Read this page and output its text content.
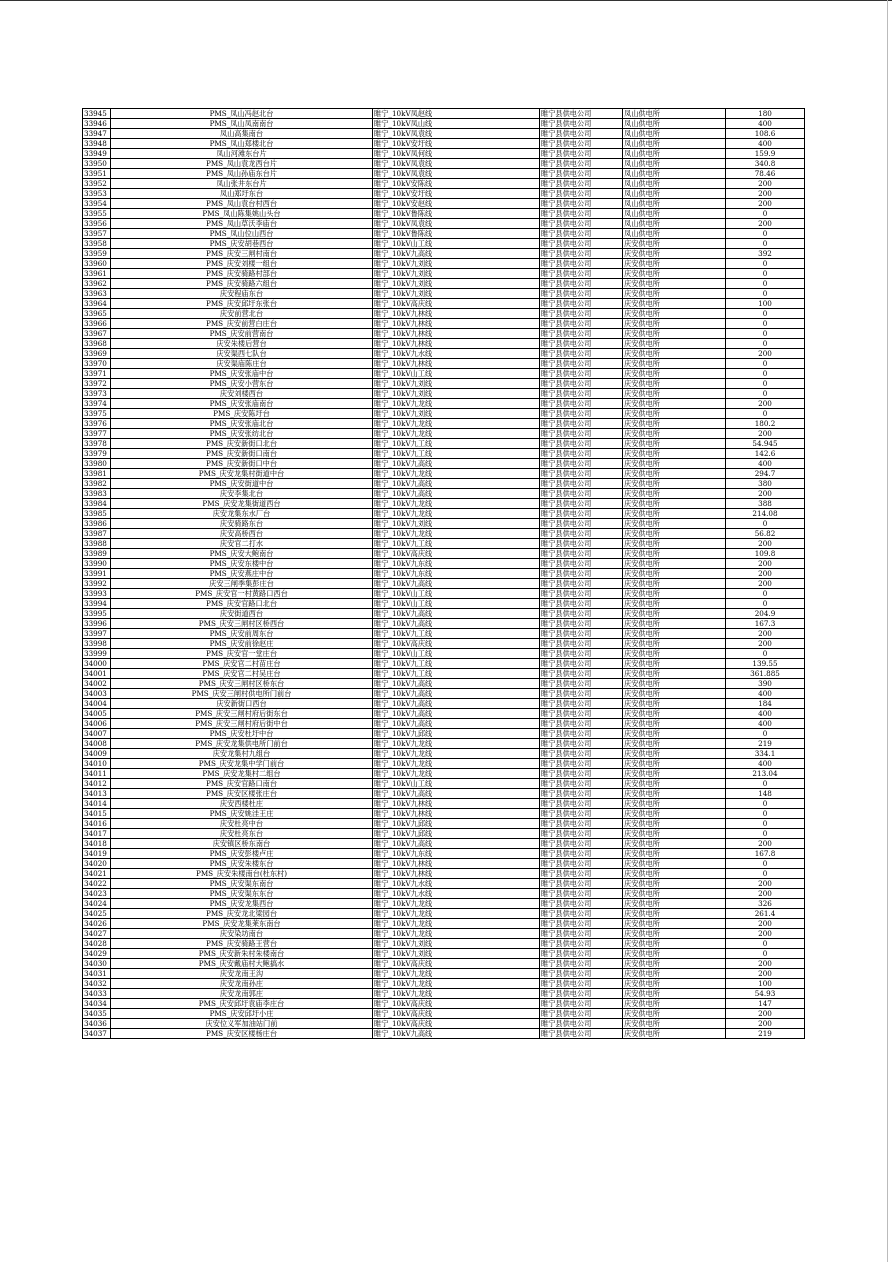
33945	PMS_凤山冯赵北台	睢宁_10kV凤赵线	睢宁县供电公司	凤山供电所	180
33946	PMS_凤山凤南南台	睢宁_10kV凤山线	睢宁县供电公司	凤山供电所	400
33947	凤山高集南台	睢宁_10kV凤袁线	睢宁县供电公司	凤山供电所	108.6
33948	PMS_凤山郑楼北台	睢宁_10kV安圩线	睢宁县供电公司	凤山供电所	400
33949	凤山河滩东台片	睢宁_10kV凤何线	睢宁县供电公司	凤山供电所	159.9
33950	PMS_凤山袁龙西台片	睢宁_10kV凤袁线	睢宁县供电公司	凤山供电所	340.8
33951	PMS_凤山孙庙东台片	睢宁_10kV凤袁线	睢宁县供电公司	凤山供电所	78.46
33952	凤山张井东台片	睢宁_10kV安陈线	睢宁县供电公司	凤山供电所	200
33953	凤山郑圩东台	睢宁_10kV安圩线	睢宁县供电公司	凤山供电所	200
33954	PMS_凤山袁台村西台	睢宁_10kV安赵线	睢宁县供电公司	凤山供电所	200
33955	PMS_凤山陈集姚山头台	睢宁_10kV鲁陈线	睢宁县供电公司	凤山供电所	0
33956	PMS_凤山草沃李庙台	睢宁_10kV凤袁线	睢宁县供电公司	凤山供电所	200
33957	PMS_凤山位山西台	睢宁_10kV鲁陈线	睢宁县供电公司	凤山供电所	0
33958	PMS_庆安胡巷西台	睢宁_10kV山工线	睢宁县供电公司	庆安供电所	0
33959	PMS_庆安三闸村南台	睢宁_10kV九高线	睢宁县供电公司	庆安供电所	392
33960	PMS_庆安刘楼一组台	睢宁_10kV九刘线	睢宁县供电公司	庆安供电所	0
33961	PMS_庆安骑路村部台	睢宁_10kV九刘线	睢宁县供电公司	庆安供电所	0
33962	PMS_庆安骑路六组台	睢宁_10kV九刘线	睢宁县供电公司	庆安供电所	0
33963	庆安程庙东台	睢宁_10kV九刘线	睢宁县供电公司	庆安供电所	0
33964	PMS_庆安邱圩东张台	睢宁_10kV高庆线	睢宁县供电公司	庆安供电所	100
33965	庆安前营北台	睢宁_10kV九林线	睢宁县供电公司	庆安供电所	0
33966	PMS_庆安前营白庄台	睢宁_10kV九林线	睢宁县供电公司	庆安供电所	0
33967	PMS_庆安前营南台	睢宁_10kV九林线	睢宁县供电公司	庆安供电所	0
33968	庆安朱楼后营台	睢宁_10kV九林线	睢宁县供电公司	庆安供电所	0
33969	庆安渠西七队台	睢宁_10kV九水线	睢宁县供电公司	庆安供电所	200
33970	庆安渠庙陈庄台	睢宁_10kV九林线	睢宁县供电公司	庆安供电所	0
33971	PMS_庆安张庙中台	睢宁_10kV山工线	睢宁县供电公司	庆安供电所	0
33972	PMS_庆安小营东台	睢宁_10kV九刘线	睢宁县供电公司	庆安供电所	0
33973	庆安刘楼西台	睢宁_10kV九刘线	睢宁县供电公司	庆安供电所	0
33974	PMS_庆安张庙南台	睢宁_10kV九龙线	睢宁县供电公司	庆安供电所	200
33975	PMS_庆安陈圩台	睢宁_10kV九刘线	睢宁县供电公司	庆安供电所	0
33976	PMS_庆安张庙北台	睢宁_10kV九龙线	睢宁县供电公司	庆安供电所	180.2
33977	PMS_庆安张纺北台	睢宁_10kV九龙线	睢宁县供电公司	庆安供电所	200
33978	PMS_庆安新街口北台	睢宁_10kV九工线	睢宁县供电公司	庆安供电所	54.945
33979	PMS_庆安新街口南台	睢宁_10kV九工线	睢宁县供电公司	庆安供电所	142.6
33980	PMS_庆安新街口中台	睢宁_10kV九高线	睢宁县供电公司	庆安供电所	400
33981	PMS_庆安龙集村街道中台	睢宁_10kV九龙线	睢宁县供电公司	庆安供电所	294.7
33982	PMS_庆安街道中台	睢宁_10kV九高线	睢宁县供电公司	庆安供电所	380
33983	庆安李集北台	睢宁_10kV九高线	睢宁县供电公司	庆安供电所	200
33984	PMS_庆安龙集街道西台	睢宁_10kV九龙线	睢宁县供电公司	庆安供电所	388
33985	庆安龙集东水厂台	睢宁_10kV九龙线	睢宁县供电公司	庆安供电所	214.08
33986	庆安骑路东台	睢宁_10kV九刘线	睢宁县供电公司	庆安供电所	0
33987	庆安高桥西台	睢宁_10kV九龙线	睢宁县供电公司	庆安供电所	56.82
33988	庆安官二打水	睢宁_10kV九工线	睢宁县供电公司	庆安供电所	200
33989	PMS_庆安大鲍南台	睢宁_10kV高庆线	睢宁县供电公司	庆安供电所	109.8
33990	PMS_庆安东楼中台	睢宁_10kV九东线	睢宁县供电公司	庆安供电所	200
33991	PMS_庆安燕庄中台	睢宁_10kV九东线	睢宁县供电公司	庆安供电所	200
33992	庆安三闸季集彭庄台	睢宁_10kV九高线	睢宁县供电公司	庆安供电所	200
33993	PMS_庆安官一村黄路口西台	睢宁_10kV山工线	睢宁县供电公司	庆安供电所	0
33994	PMS_庆安官路口北台	睢宁_10kV山工线	睢宁县供电公司	庆安供电所	0
33995	庆安街道西台	睢宁_10kV九高线	睢宁县供电公司	庆安供电所	204.9
33996	PMS_庆安三闸村区桥西台	睢宁_10kV九高线	睢宁县供电公司	庆安供电所	167.3
33997	PMS_庆安前周东台	睢宁_10kV九工线	睢宁县供电公司	庆安供电所	200
33998	PMS_庆安前徐赵庄	睢宁_10kV高庆线	睢宁县供电公司	庆安供电所	200
33999	PMS_庆安官一堂庄台	睢宁_10kV山工线	睢宁县供电公司	庆安供电所	0
34000	PMS_庆安官二村苗庄台	睢宁_10kV九工线	睢宁县供电公司	庆安供电所	139.55
34001	PMS_庆安官二村吴庄台	睢宁_10kV九工线	睢宁县供电公司	庆安供电所	361.885
34002	PMS_庆安三闸村区桥东台	睢宁_10kV九高线	睢宁县供电公司	庆安供电所	390
34003	PMS_庆安三闸村供电所门前台	睢宁_10kV九高线	睢宁县供电公司	庆安供电所	400
34004	庆安新街口西台	睢宁_10kV九高线	睢宁县供电公司	庆安供电所	184
34005	PMS_庆安三闸村府后街东台	睢宁_10kV九高线	睢宁县供电公司	庆安供电所	400
34006	PMS_庆安三闸村府后街中台	睢宁_10kV九高线	睢宁县供电公司	庆安供电所	400
34007	PMS_庆安杜圩中台	睢宁_10kV九邱线	睢宁县供电公司	庆安供电所	0
34008	PMS_庆安龙集供电所门前台	睢宁_10kV九龙线	睢宁县供电公司	庆安供电所	219
34009	庆安龙集村九组台	睢宁_10kV九龙线	睢宁县供电公司	庆安供电所	334.1
34010	PMS_庆安龙集中学门前台	睢宁_10kV九龙线	睢宁县供电公司	庆安供电所	400
34011	PMS_庆安龙集村二组台	睢宁_10kV九龙线	睢宁县供电公司	庆安供电所	213.04
34012	PMS_庆安官路口南台	睢宁_10kV山工线	睢宁县供电公司	庆安供电所	0
34013	PMS_庆安区楼张庄台	睢宁_10kV九高线	睢宁县供电公司	庆安供电所	148
34014	庆安西楼杜庄	睢宁_10kV九林线	睢宁县供电公司	庆安供电所	0
34015	PMS_庆安姚洼王庄	睢宁_10kV九林线	睢宁县供电公司	庆安供电所	0
34016	庆安杜亮中台	睢宁_10kV九邱线	睢宁县供电公司	庆安供电所	0
34017	庆安杜亮东台	睢宁_10kV九邱线	睢宁县供电公司	庆安供电所	0
34018	庆安镇区桥东南台	睢宁_10kV九高线	睢宁县供电公司	庆安供电所	200
34019	PMS_庆安彭楼卢庄	睢宁_10kV九东线	睢宁县供电公司	庆安供电所	167.8
34020	PMS_庆安朱楼东台	睢宁_10kV九林线	睢宁县供电公司	庆安供电所	0
34021	PMS_庆安朱楼南台(杜东村)	睢宁_10kV九林线	睢宁县供电公司	庆安供电所	0
34022	PMS_庆安渠东南台	睢宁_10kV九水线	睢宁县供电公司	庆安供电所	200
34023	PMS_庆安渠东东台	睢宁_10kV九水线	睢宁县供电公司	庆安供电所	200
34024	PMS_庆安龙集西台	睢宁_10kV九龙线	睢宁县供电公司	庆安供电所	326
34025	PMS_庆安龙北梁园台	睢宁_10kV九龙线	睢宁县供电公司	庆安供电所	261.4
34026	PMS_庆安龙集莱东南台	睢宁_10kV九龙线	睢宁县供电公司	庆安供电所	200
34027	庆安染坊南台	睢宁_10kV九龙线	睢宁县供电公司	庆安供电所	200
34028	PMS_庆安骑路王营台	睢宁_10kV九刘线	睢宁县供电公司	庆安供电所	0
34029	PMS_庆安新朱村朱楼南台	睢宁_10kV九刘线	睢宁县供电公司	庆安供电所	0
34030	PMS_庆安戴庙村大鲍搞水	睢宁_10kV高庆线	睢宁县供电公司	庆安供电所	200
34031	庆安龙南王沟	睢宁_10kV九龙线	睢宁县供电公司	庆安供电所	200
34032	庆安龙南孙庄	睢宁_10kV九龙线	睢宁县供电公司	庆安供电所	100
34033	庆安龙南郭庄	睢宁_10kV九龙线	睢宁县供电公司	庆安供电所	54.93
34034	PMS_庆安邱圩袁庙李庄台	睢宁_10kV高庆线	睢宁县供电公司	庆安供电所	147
34035	PMS_庆安邱圩小庄	睢宁_10kV高庆线	睢宁县供电公司	庆安供电所	200
34036	庆安位义军加油站门前	睢宁_10kV高庆线	睢宁县供电公司	庆安供电所	200
34037	PMS_庆安区楼杨庄台	睢宁_10kV九高线	睢宁县供电公司	庆安供电所	219
